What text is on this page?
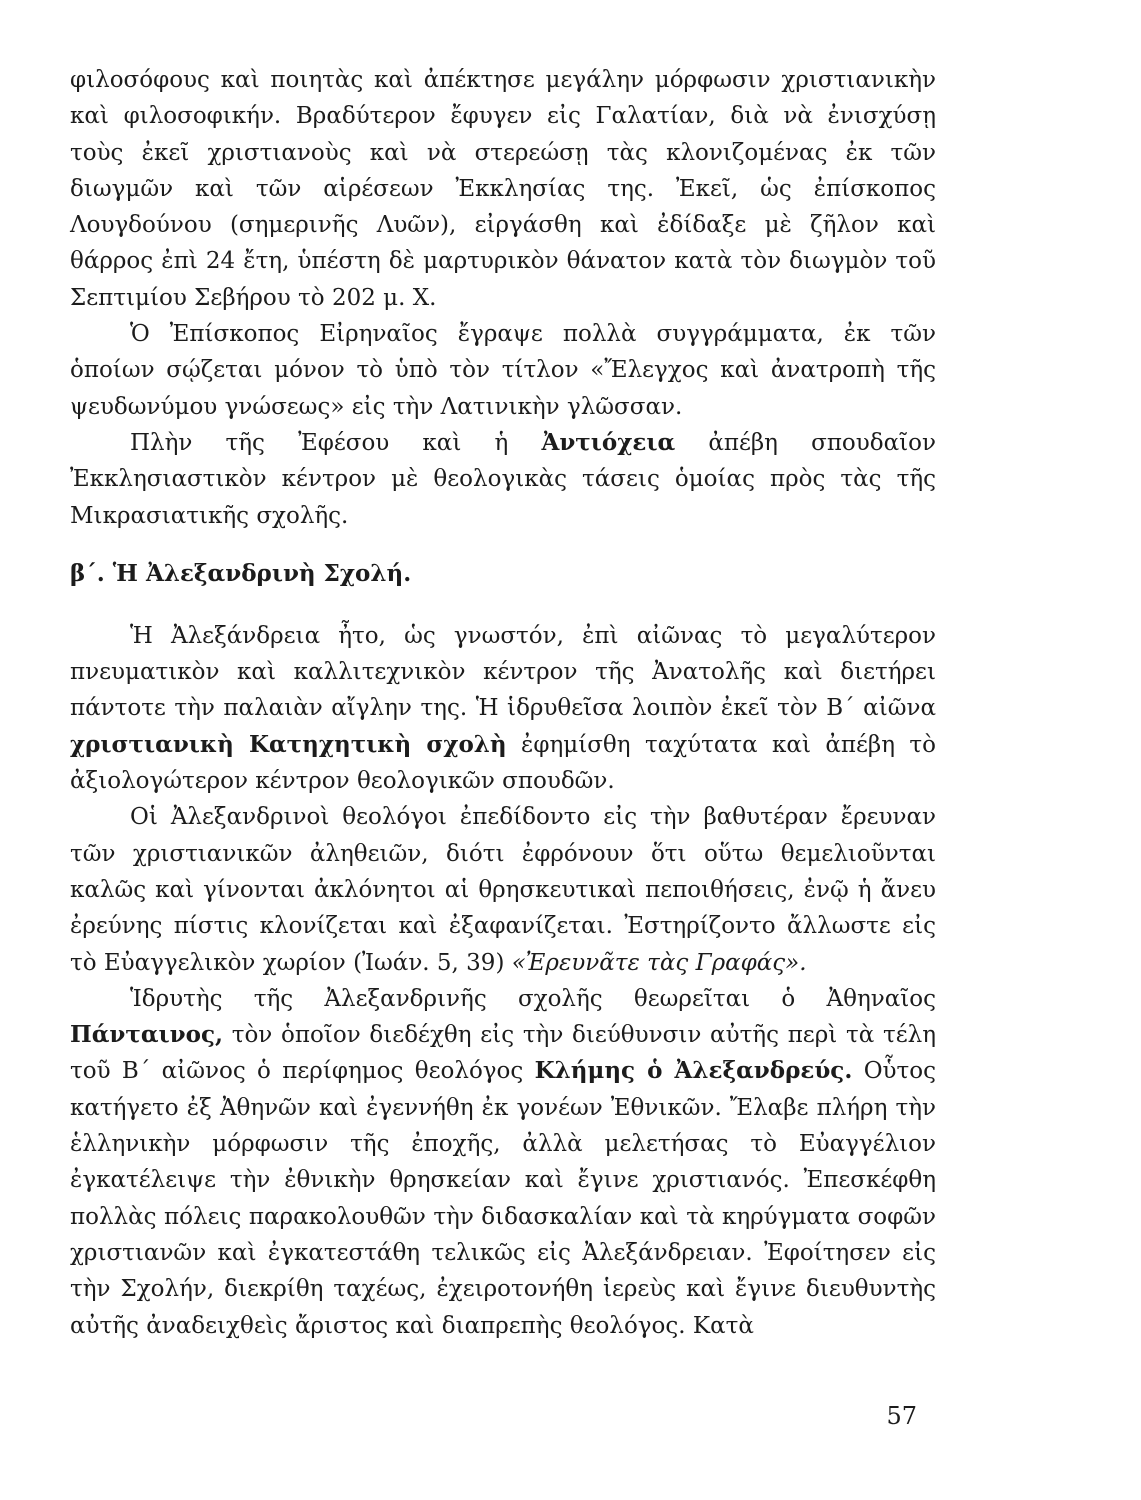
φιλοσόφους καὶ ποιητὰς καὶ ἀπέκτησε μεγάλην μόρφωσιν χριστιανικὴν καὶ φιλοσοφικήν. Βραδύτερον ἔφυγεν εἰς Γαλατίαν, διὰ νὰ ἐνισχύσῃ τοὺς ἐκεῖ χριστιανοὺς καὶ νὰ στερεώσῃ τὰς κλονιζομένας ἐκ τῶν διωγμῶν καὶ τῶν αἱρέσεων Ἐκκλησίας της. Ἐκεῖ, ὡς ἐπίσκοπος Λουγδούνου (σημερινῆς Λυῶν), εἰργάσθη καὶ ἐδίδαξε μὲ ζῆλον καὶ θάρρος ἐπὶ 24 ἔτη, ὑπέστη δὲ μαρτυρικὸν θάνατον κατὰ τὸν διωγμὸν τοῦ Σεπτιμίου Σεβήρου τὸ 202 μ. Χ.

Ὁ Ἐπίσκοπος Εἰρηναῖος ἔγραψε πολλὰ συγγράμματα, ἐκ τῶν ὁποίων σῴζεται μόνον τὸ ὑπὸ τὸν τίτλον «Ἔλεγχος καὶ ἀνατροπὴ τῆς ψευδωνύμου γνώσεως» εἰς τὴν Λατινικὴν γλῶσσαν.

Πλὴν τῆς Ἐφέσου καὶ ἡ Ἀντιόχεια ἀπέβη σπουδαῖον Ἐκκλησιαστικὸν κέντρον μὲ θεολογικὰς τάσεις ὁμοίας πρὸς τὰς τῆς Μικρασιατικῆς σχολῆς.

β΄. Ἡ Ἀλεξανδρινὴ Σχολή.

Ἡ Ἀλεξάνδρεια ἦτο, ὡς γνωστόν, ἐπὶ αἰῶνας τὸ μεγαλύτερον πνευματικὸν καὶ καλλιτεχνικὸν κέντρον τῆς Ἀνατολῆς καὶ διετήρει πάντοτε τὴν παλαιὰν αἴγλην της. Ἡ ἱδρυθεῖσα λοιπὸν ἐκεῖ τὸν Β΄ αἰῶνα χριστιανικὴ Κατηχητικὴ σχολὴ ἐφημίσθη ταχύτατα καὶ ἀπέβη τὸ ἀξιολογώτερον κέντρον θεολογικῶν σπουδῶν.

Οἱ Ἀλεξανδρινοὶ θεολόγοι ἐπεδίδοντο εἰς τὴν βαθυτέραν ἔρευναν τῶν χριστιανικῶν ἀληθειῶν, διότι ἐφρόνουν ὅτι οὕτω θεμελιοῦνται καλῶς καὶ γίνονται ἀκλόνητοι αἱ θρησκευτικαὶ πεποιθήσεις, ἐνῷ ἡ ἄνευ ἐρεύνης πίστις κλονίζεται καὶ ἐξαφανίζεται. Ἐστηρίζοντο ἄλλωστε εἰς τὸ Εὐαγγελικὸν χωρίον (Ἰωάν. 5, 39) «Ἐρευνᾶτε τὰς Γραφάς».

Ἱδρυτὴς τῆς Ἀλεξανδρινῆς σχολῆς θεωρεῖται ὁ Ἀθηναῖος Πάνταινος, τὸν ὁποῖον διεδέχθη εἰς τὴν διεύθυνσιν αὐτῆς περὶ τὰ τέλη τοῦ Β΄ αἰῶνος ὁ περίφημος θεολόγος Κλήμης ὁ Ἀλεξανδρεύς. Οὗτος κατήγετο ἐξ Ἀθηνῶν καὶ ἐγεννήθη ἐκ γονέων Ἐθνικῶν. Ἔλαβε πλήρη τὴν ἑλληνικὴν μόρφωσιν τῆς ἐποχῆς, ἀλλὰ μελετήσας τὸ Εὐαγγέλιον ἐγκατέλειψε τὴν ἐθνικὴν θρησκείαν καὶ ἔγινε χριστιανός. Ἐπεσκέφθη πολλὰς πόλεις παρακολουθῶν τὴν διδασκαλίαν καὶ τὰ κηρύγματα σοφῶν χριστιανῶν καὶ ἐγκατεστάθη τελικῶς εἰς Ἀλεξάνδρειαν. Ἐφοίτησεν εἰς τὴν Σχολήν, διεκρίθη ταχέως, ἐχειροτονήθη ἱερεὺς καὶ ἔγινε διευθυντὴς αὐτῆς ἀναδειχθεὶς ἄριστος καὶ διαπρεπὴς θεολόγος. Κατὰ

57
